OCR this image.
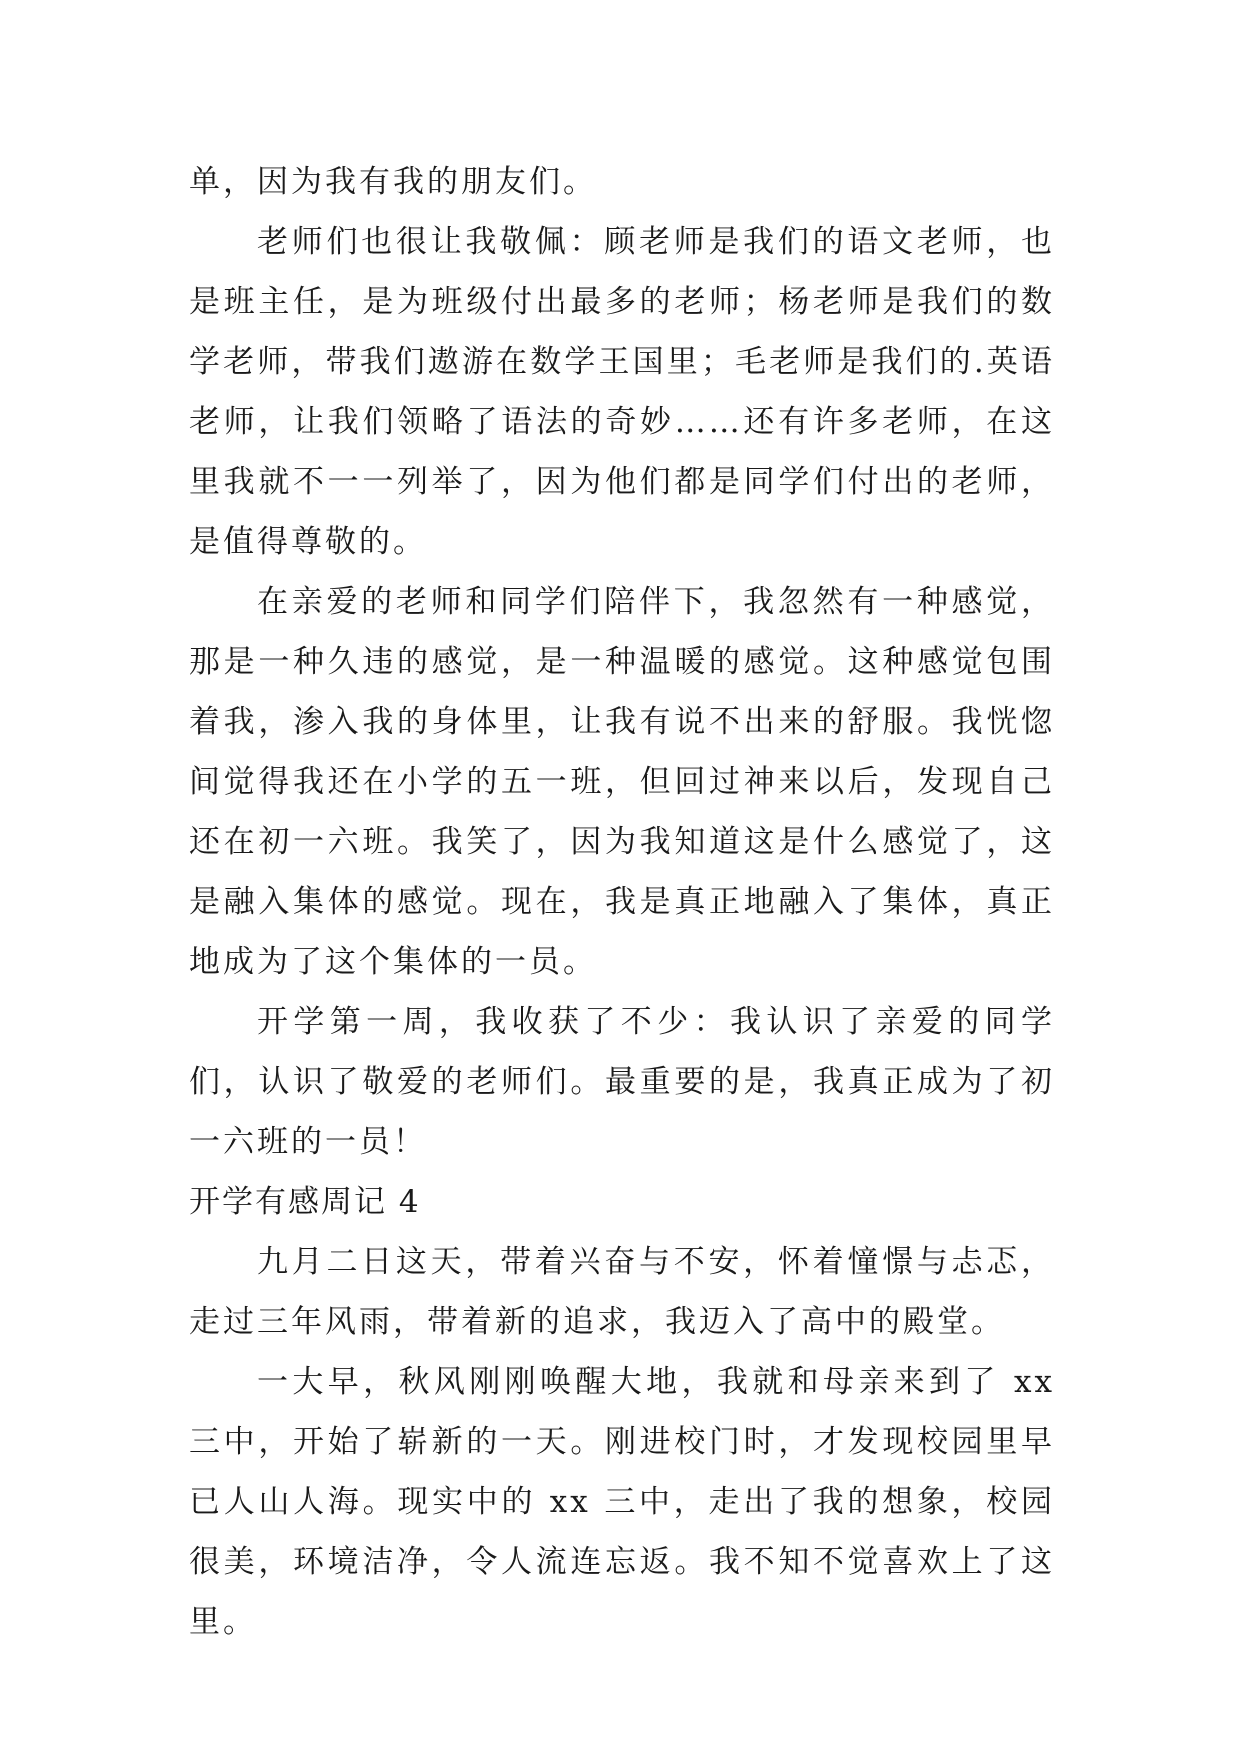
单，因为我有我的朋友们。

老师们也很让我敬佩：顾老师是我们的语文老师，也是班主任，是为班级付出最多的老师；杨老师是我们的数学老师，带我们遨游在数学王国里；毛老师是我们的.英语老师，让我们领略了语法的奇妙……还有许多老师，在这里我就不一一列举了，因为他们都是同学们付出的老师，是值得尊敬的。

在亲爱的老师和同学们陪伴下，我忽然有一种感觉，那是一种久违的感觉，是一种温暖的感觉。这种感觉包围着我，渗入我的身体里，让我有说不出来的舒服。我恍惚间觉得我还在小学的五一班，但回过神来以后，发现自己还在初一六班。我笑了，因为我知道这是什么感觉了，这是融入集体的感觉。现在，我是真正地融入了集体，真正地成为了这个集体的一员。

开学第一周，我收获了不少：我认识了亲爱的同学们，认识了敬爱的老师们。最重要的是，我真正成为了初一六班的一员！

开学有感周记 4

九月二日这天，带着兴奋与不安，怀着憧憬与忐忑，走过三年风雨，带着新的追求，我迈入了高中的殿堂。

一大早，秋风刚刚唤醒大地，我就和母亲来到了 xx 三中，开始了崭新的一天。刚进校门时，才发现校园里早已人山人海。现实中的 xx 三中，走出了我的想象，校园很美，环境洁净，令人流连忘返。我不知不觉喜欢上了这里。
